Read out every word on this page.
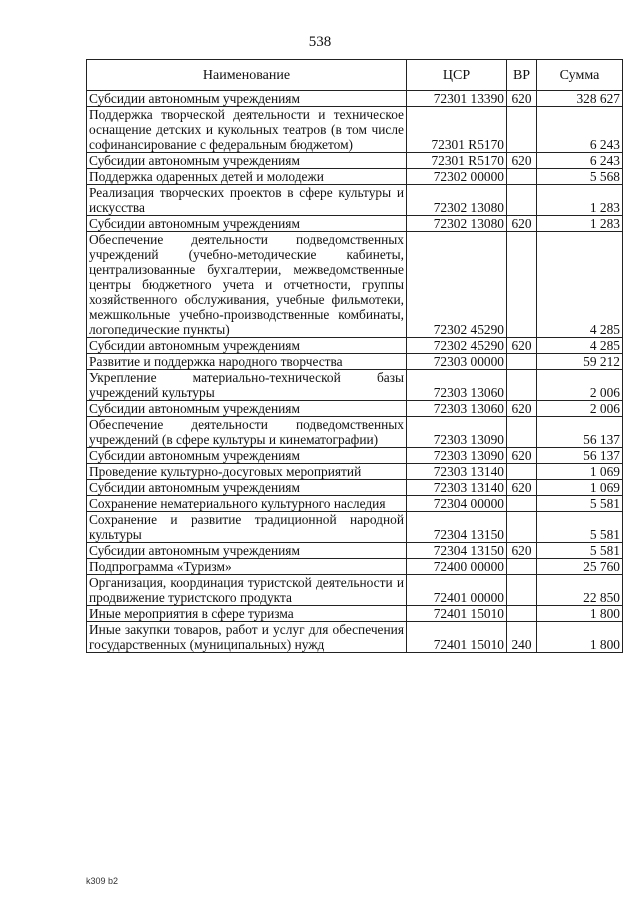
538
Наименование	ЦСР	ВР	Сумма
Субсидии автономным учреждениям	72301 13390	620	328 627
Поддержка творческой деятельности и техническое оснащение детских и кукольных театров (в том числе софинансирование с федеральным бюджетом)	72301 R5170		6 243
Субсидии автономным учреждениям	72301 R5170	620	6 243
Поддержка одаренных детей и молодежи	72302 00000		5 568
Реализация творческих проектов в сфере культуры и искусства	72302 13080		1 283
Субсидии автономным учреждениям	72302 13080	620	1 283
Обеспечение деятельности подведомственных учреждений (учебно-методические кабинеты, централизованные бухгалтерии, межведомственные центры бюджетного учета и отчетности, группы хозяйственного обслуживания, учебные фильмотеки, межшкольные учебно-производственные комбинаты, логопедические пункты)	72302 45290		4 285
Субсидии автономным учреждениям	72302 45290	620	4 285
Развитие и поддержка народного творчества	72303 00000		59 212
Укрепление материально-технической базы учреждений культуры	72303 13060		2 006
Субсидии автономным учреждениям	72303 13060	620	2 006
Обеспечение деятельности подведомственных учреждений (в сфере культуры и кинематографии)	72303 13090		56 137
Субсидии автономным учреждениям	72303 13090	620	56 137
Проведение культурно-досуговых мероприятий	72303 13140		1 069
Субсидии автономным учреждениям	72303 13140	620	1 069
Сохранение нематериального культурного наследия	72304 00000		5 581
Сохранение и развитие традиционной народной культуры	72304 13150		5 581
Субсидии автономным учреждениям	72304 13150	620	5 581
Подпрограмма «Туризм»	72400 00000		25 760
Организация, координация туристской деятельности и продвижение туристского продукта	72401 00000		22 850
Иные мероприятия в сфере туризма	72401 15010		1 800
Иные закупки товаров, работ и услуг для обеспечения государственных (муниципальных) нужд	72401 15010	240	1 800
k309 b2
